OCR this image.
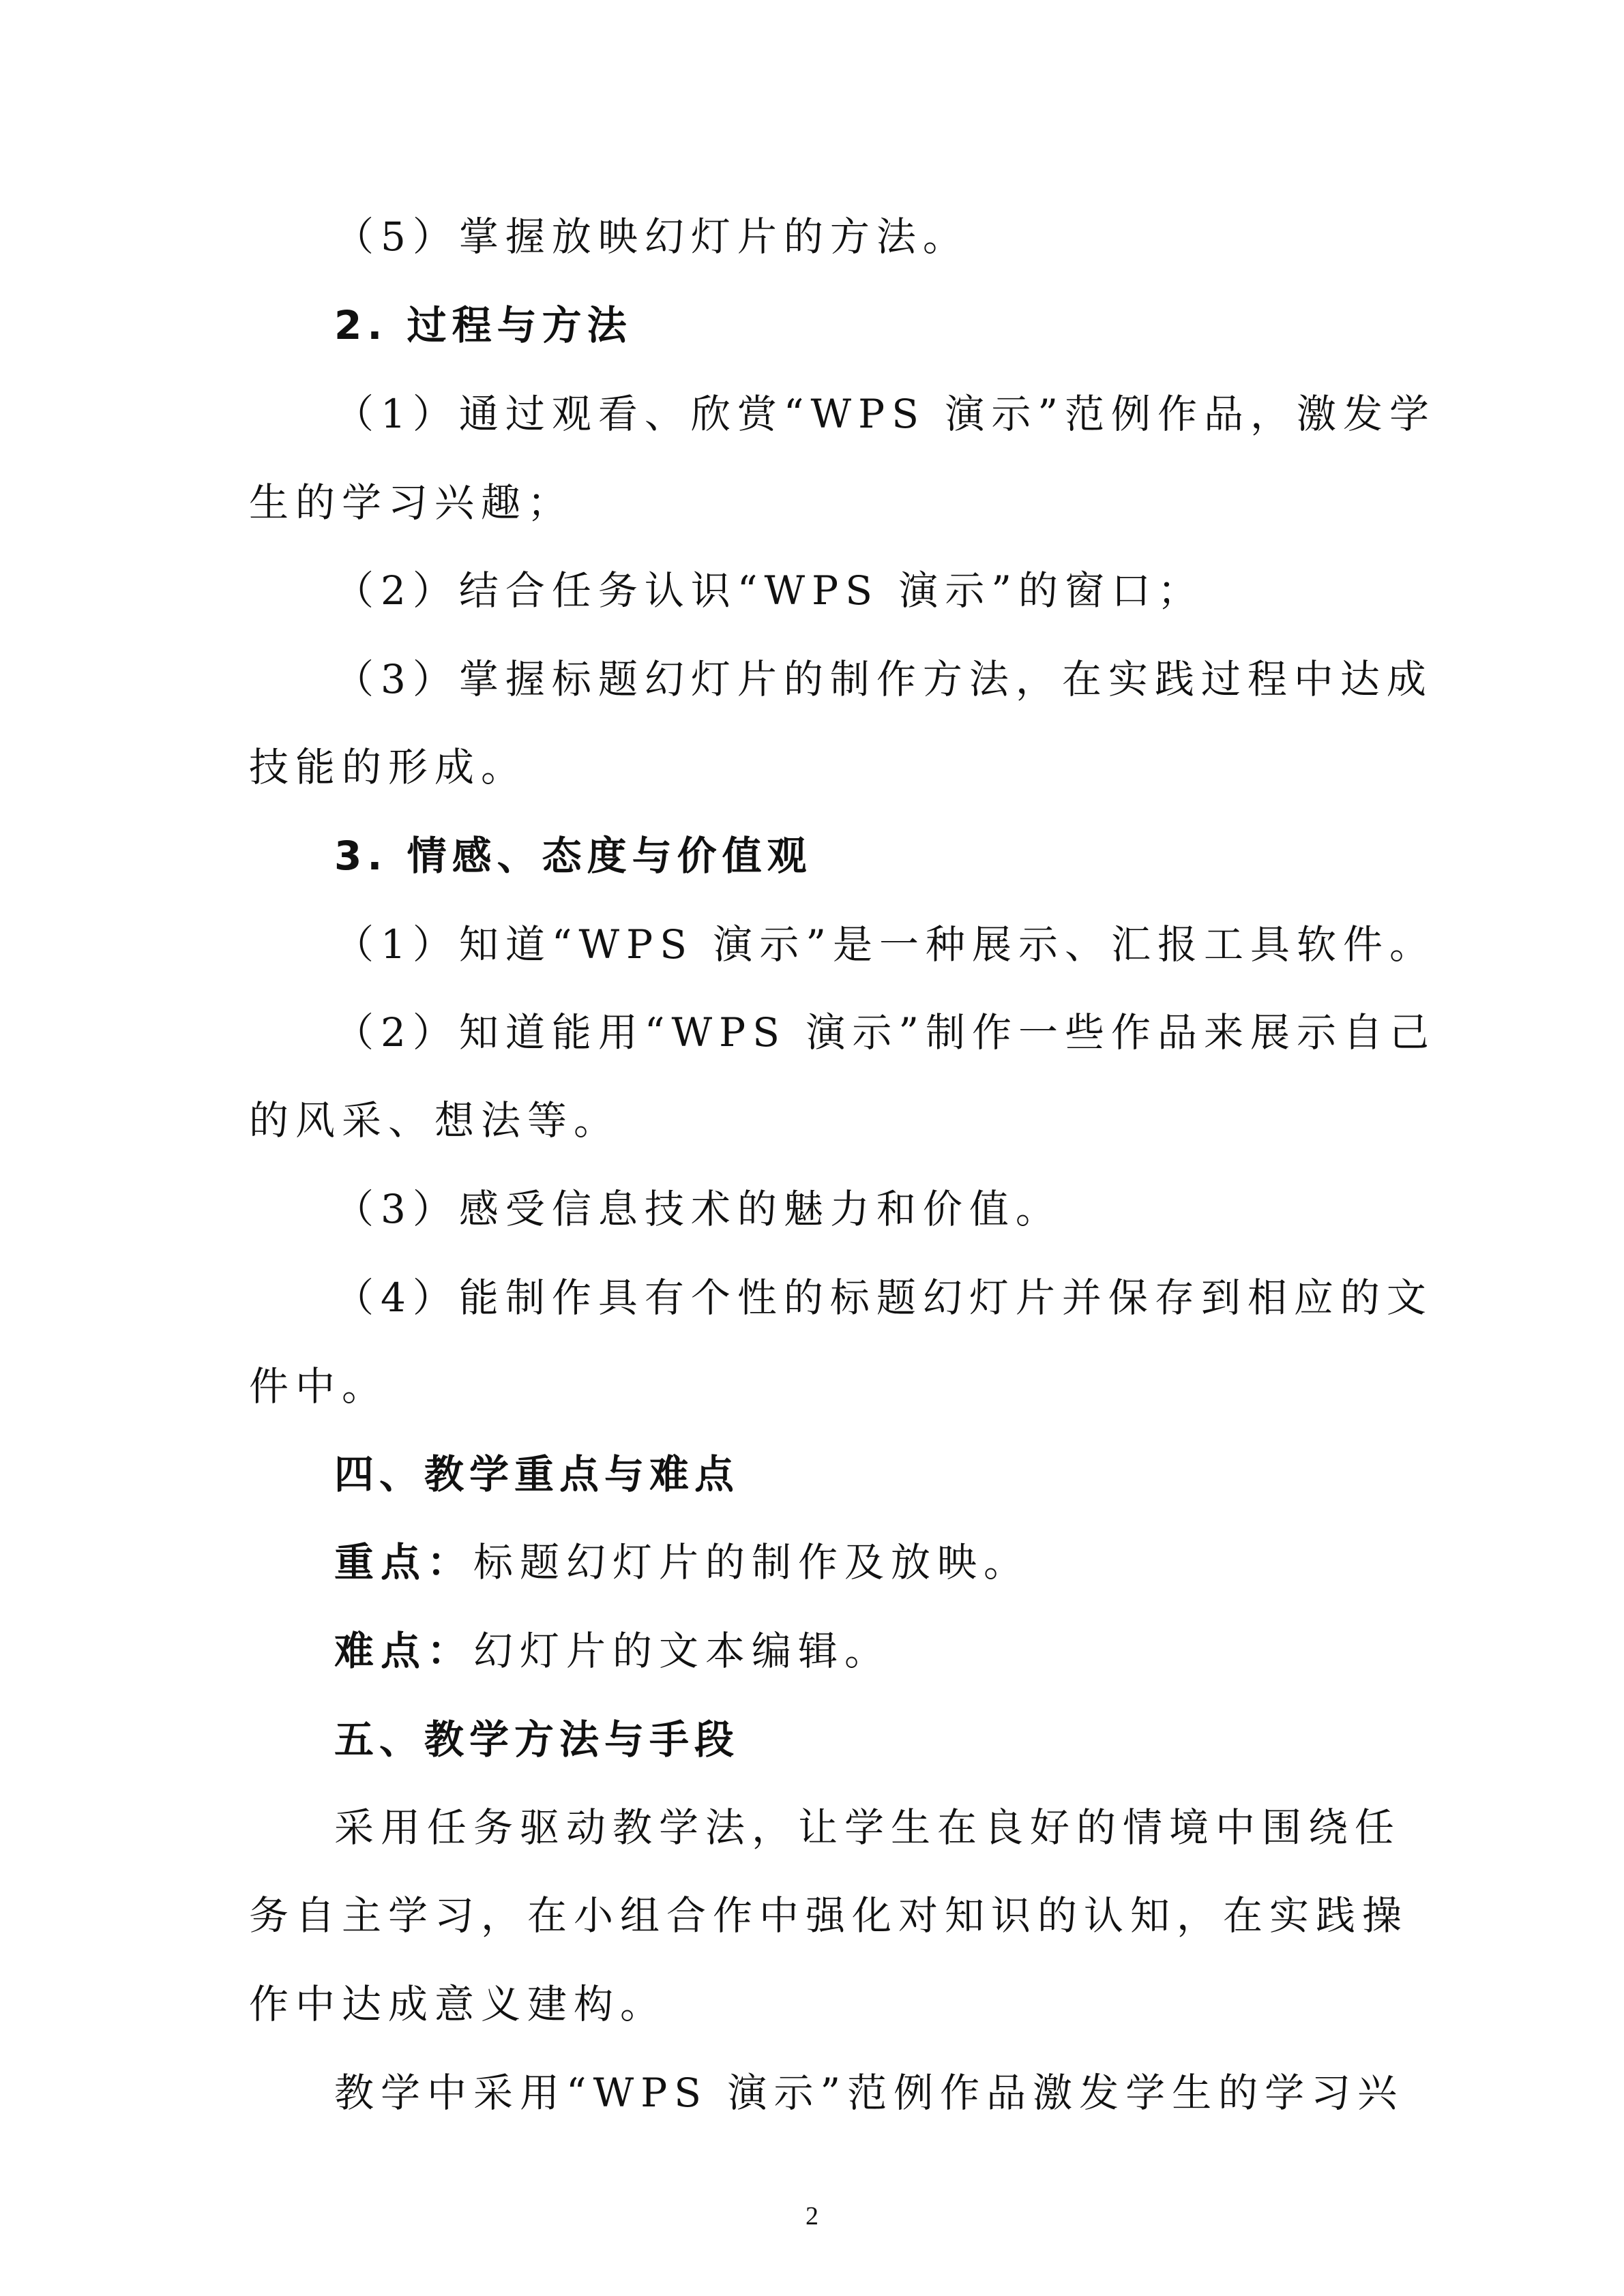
（5）掌握放映幻灯片的方法。
2. 过程与方法
（1）通过观看、欣赏“WPS 演示”范例作品，激发学
生的学习兴趣；
（2）结合任务认识“WPS 演示”的窗口；
（3）掌握标题幻灯片的制作方法，在实践过程中达成
技能的形成。
3. 情感、态度与价值观
（1）知道“WPS 演示”是一种展示、汇报工具软件。
（2）知道能用“WPS 演示”制作一些作品来展示自己
的风采、想法等。
（3）感受信息技术的魅力和价值。
（4）能制作具有个性的标题幻灯片并保存到相应的文
件中。
四、教学重点与难点
重点：标题幻灯片的制作及放映。
难点：幻灯片的文本编辑。
五、教学方法与手段
采用任务驱动教学法，让学生在良好的情境中围绕任
务自主学习，在小组合作中强化对知识的认知，在实践操
作中达成意义建构。
教学中采用“WPS 演示”范例作品激发学生的学习兴
2
